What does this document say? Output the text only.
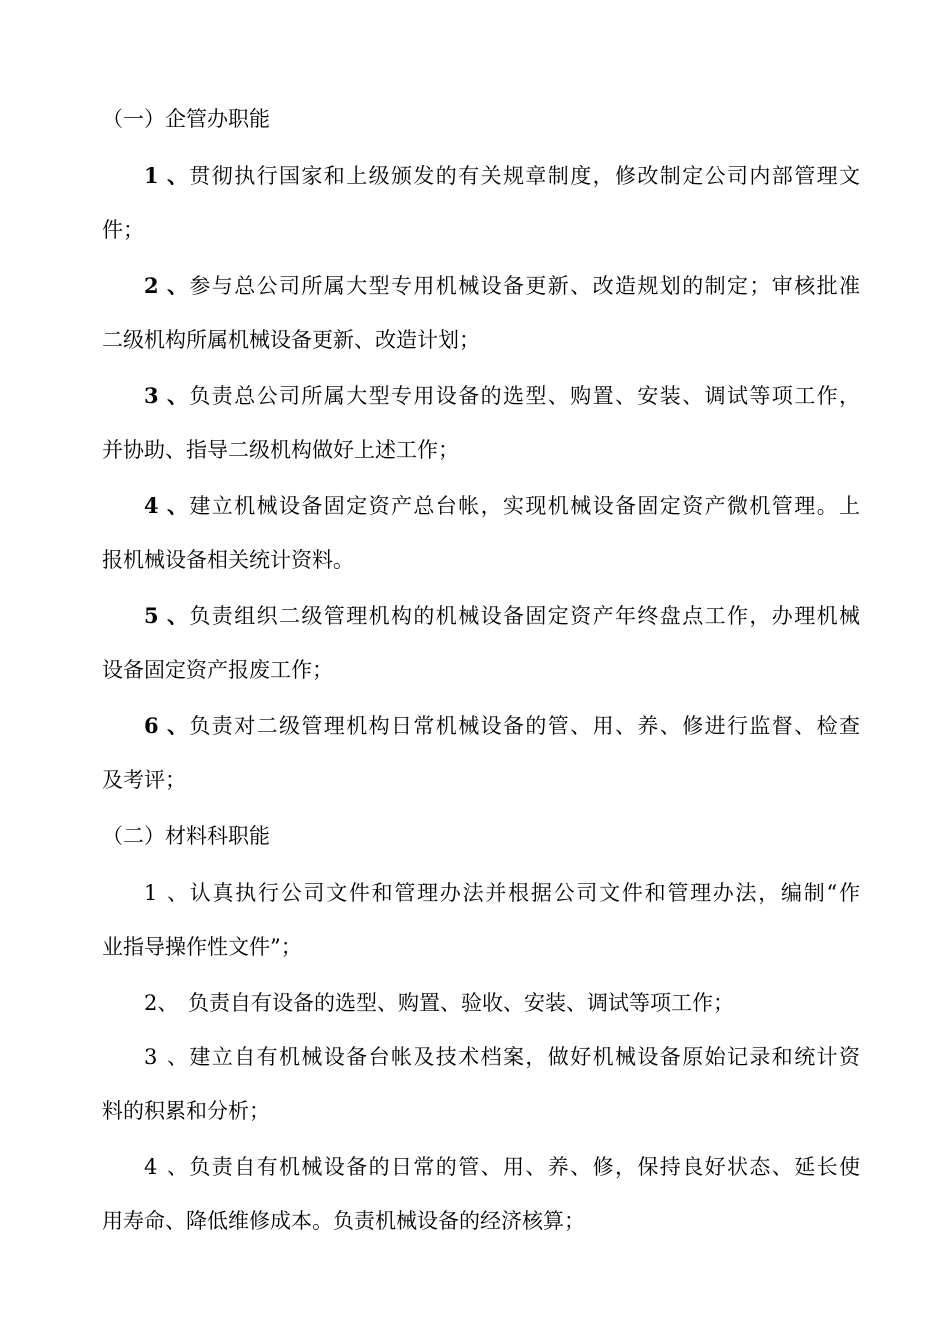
（一）企管办职能
1、贯彻执行国家和上级颁发的有关规章制度，修改制定公司内部管理文
件；
2、参与总公司所属大型专用机械设备更新、改造规划的制定；审核批准
二级机构所属机械设备更新、改造计划；
3、负责总公司所属大型专用设备的选型、购置、安装、调试等项工作，
并协助、指导二级机构做好上述工作；
4、建立机械设备固定资产总台帐，实现机械设备固定资产微机管理。上
报机械设备相关统计资料。
5、负责组织二级管理机构的机械设备固定资产年终盘点工作，办理机械
设备固定资产报废工作；
6、负责对二级管理机构日常机械设备的管、用、养、修进行监督、检查
及考评；
（二）材料科职能
1、认真执行公司文件和管理办法并根据公司文件和管理办法，编制“作
业指导操作性文件”；
2、 负责自有设备的选型、购置、验收、安装、调试等项工作；
3、建立自有机械设备台帐及技术档案，做好机械设备原始记录和统计资
料的积累和分析；
4、负责自有机械设备的日常的管、用、养、修，保持良好状态、延长使
用寿命、降低维修成本。负责机械设备的经济核算；
